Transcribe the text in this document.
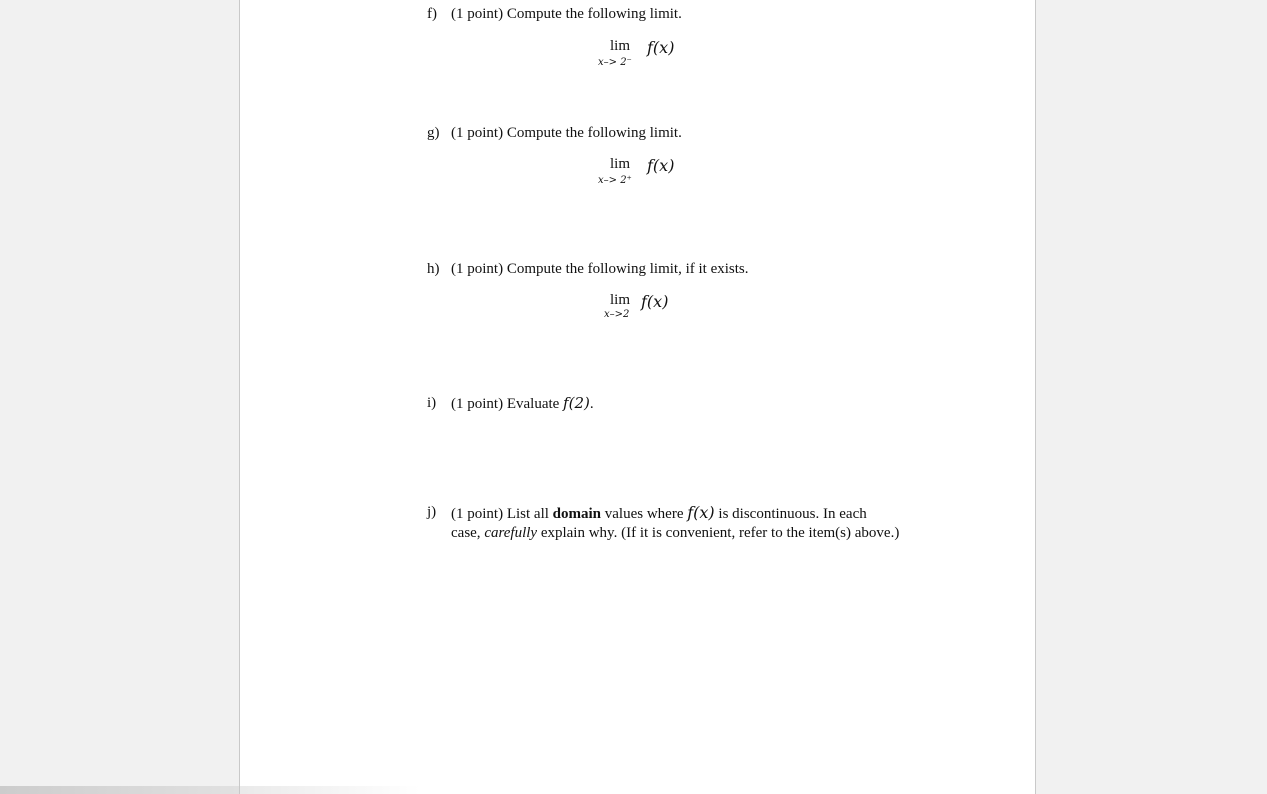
f) (1 point) Compute the following limit.
lim
x–> 2⁻
f(x)
g) (1 point) Compute the following limit.
lim
x–> 2⁺
f(x)
h) (1 point) Compute the following limit, if it exists.
lim
x–>2
f(x)
i) (1 point) Evaluate f(2).
j) (1 point) List all domain values where f(x) is discontinuous. In each
case, carefully explain why. (If it is convenient, refer to the item(s) above.)
